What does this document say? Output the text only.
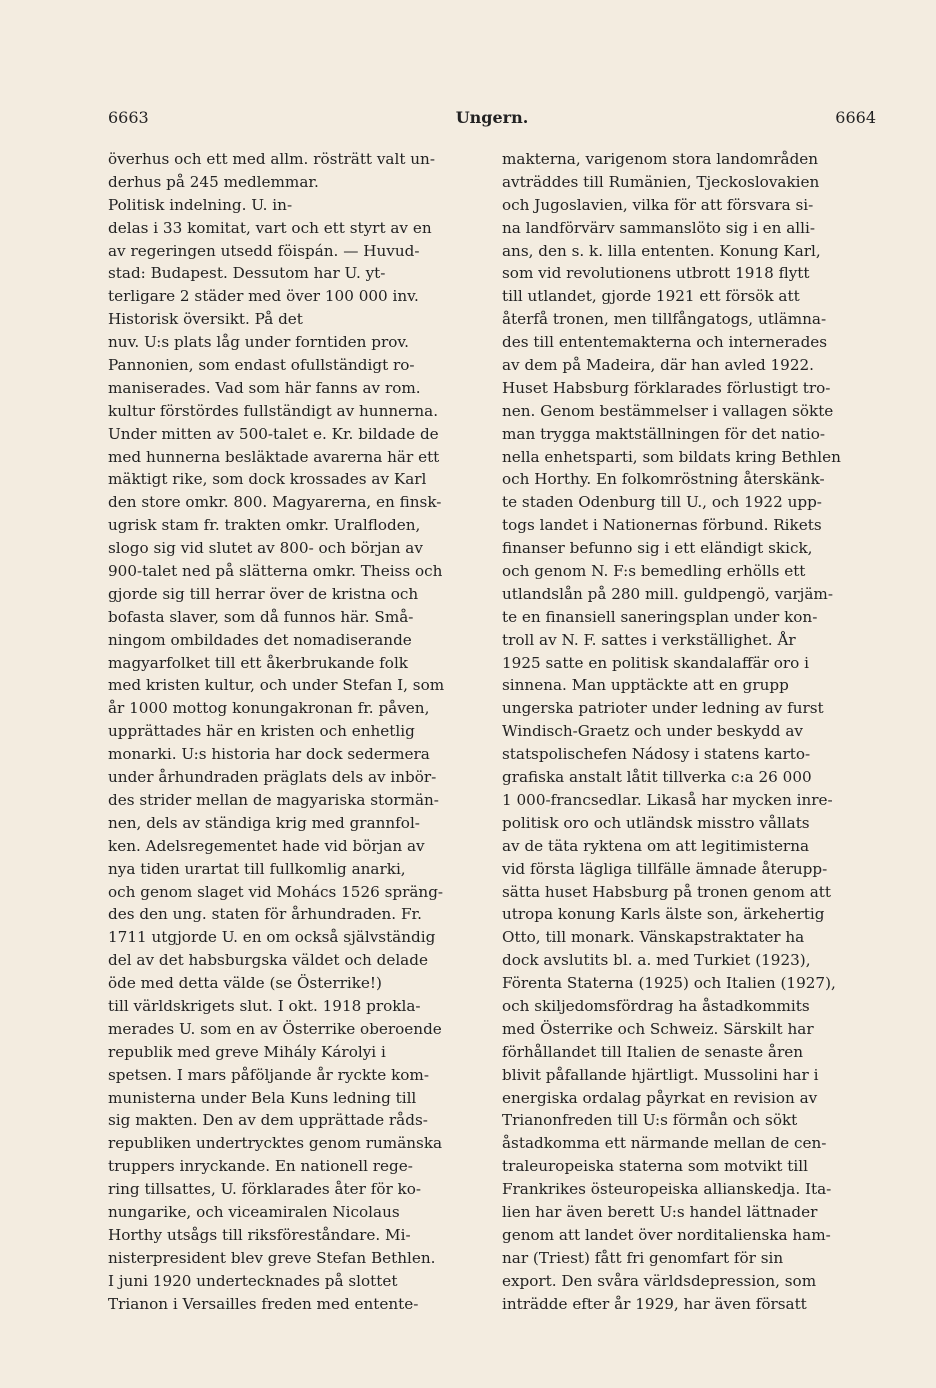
6663	Ungern.	6664
överhus och ett med allm. rösträtt valt un-
derhus på 245 medlemmar.
Politisk indelning. U. in-
delas i 33 komitat, vart och ett styrt av en
av regeringen utsedd föispán. — Huvud-
stad: Budapest. Dessutom har U. yt-
terligare 2 städer med över 100 000 inv.
Historisk översikt. På det
nuv. U:s plats låg under forntiden prov.
Pannonien, som endast ofullständigt ro-
maniserades. Vad som här fanns av rom.
kultur förstördes fullständigt av hunnerna.
Under mitten av 500-talet e. Kr. bildade de
med hunnerna besläktade avarerna här ett
mäktigt rike, som dock krossades av Karl
den store omkr. 800. Magyarerna, en finsk-
ugrisk stam fr. trakten omkr. Uralfloden,
slogo sig vid slutet av 800- och början av
900-talet ned på slätterna omkr. Theiss och
gjorde sig till herrar över de kristna och
bofasta slaver, som då funnos här. Små-
ningom ombildades det nomadiserande
magyarfolket till ett åkerbrukande folk
med kristen kultur, och under Stefan I, som
år 1000 mottog konungakronan fr. påven,
upprättades här en kristen och enhetlig
monarki. U:s historia har dock sedermera
under århundraden präglats dels av inbör-
des strider mellan de magyariska stormän-
nen, dels av ständiga krig med grannfol-
ken. Adelsregementet hade vid början av
nya tiden urartat till fullkomlig anarki,
och genom slaget vid Mohács 1526 spräng-
des den ung. staten för århundraden. Fr.
1711 utgjorde U. en om också självständig
del av det habsburgska väldet och delade
öde med detta välde (se Österrike!)
till världskrigets slut. I okt. 1918 prokla-
merades U. som en av Österrike oberoende
republik med greve Mihály Károlyi i
spetsen. I mars påföljande år ryckte kom-
munisterna under Bela Kuns ledning till
sig makten. Den av dem upprättade råds-
republiken undertrycktes genom rumänska
truppers inryckande. En nationell rege-
ring tillsattes, U. förklarades åter för ko-
nungarike, och viceamiralen Nicolaus
Horthy utsågs till riksföreståndare. Mi-
nisterpresident blev greve Stefan Bethlen.
I juni 1920 undertecknades på slottet
Trianon i Versailles freden med entente-
makterna, varigenom stora landområden
avträddes till Rumänien, Tjeckoslovakien
och Jugoslavien, vilka för att försvara si-
na landförvärv sammanslöto sig i en alli-
ans, den s. k. lilla ententen. Konung Karl,
som vid revolutionens utbrott 1918 flytt
till utlandet, gjorde 1921 ett försök att
återfå tronen, men tillfångatogs, utlämna-
des till ententemakterna och internerades
av dem på Madeira, där han avled 1922.
Huset Habsburg förklarades förlustigt tro-
nen. Genom bestämmelser i vallagen sökte
man trygga maktställningen för det natio-
nella enhetsparti, som bildats kring Bethlen
och Horthy. En folkomröstning återskänk-
te staden Odenburg till U., och 1922 upp-
togs landet i Nationernas förbund. Rikets
finanser befunno sig i ett eländigt skick,
och genom N. F:s bemedling erhölls ett
utlandslån på 280 mill. guldpengö, varjäm-
te en finansiell saneringsplan under kon-
troll av N. F. sattes i verkställighet. År
1925 satte en politisk skandalaffär oro i
sinnena. Man upptäckte att en grupp
ungerska patrioter under ledning av furst
Windisch-Graetz och under beskydd av
statspolischefen Nádosy i statens karto-
grafiska anstalt låtit tillverka c:a 26 000
1 000-francsedlar. Likaså har mycken inre-
politisk oro och utländsk misstro vållats
av de täta ryktena om att legitimisterna
vid första lägliga tillfälle ämnade återupp-
sätta huset Habsburg på tronen genom att
utropa konung Karls älste son, ärkehertig
Otto, till monark. Vänskapstraktater ha
dock avslutits bl. a. med Turkiet (1923),
Förenta Staterna (1925) och Italien (1927),
och skiljedomsfördrag ha åstadkommits
med Österrike och Schweiz. Särskilt har
förhållandet till Italien de senaste åren
blivit påfallande hjärtligt. Mussolini har i
energiska ordalag påyrkat en revision av
Trianonfreden till U:s förmån och sökt
åstadkomma ett närmande mellan de cen-
traleuropeiska staterna som motvikt till
Frankrikes östeuropeiska allianskedja. Ita-
lien har även berett U:s handel lättnader
genom att landet över norditalienska ham-
nar (Triest) fått fri genomfart för sin
export. Den svåra världsdepression, som
inträdde efter år 1929, har även försatt
